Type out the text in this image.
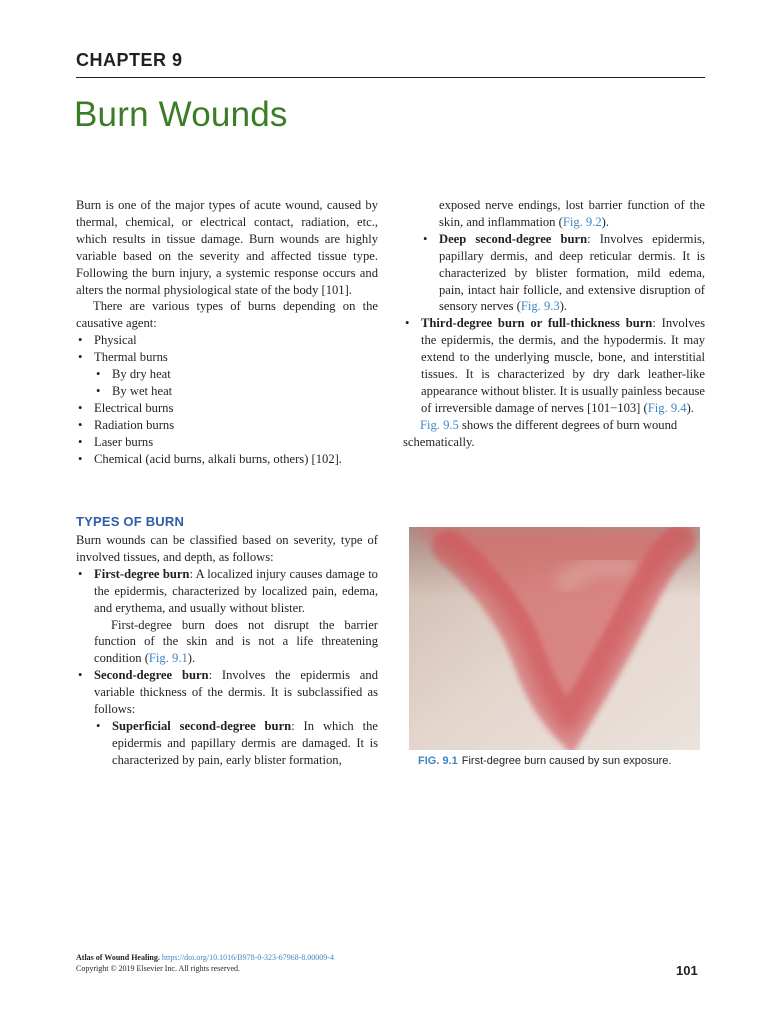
CHAPTER 9
Burn Wounds

Burn is one of the major types of acute wound, caused by thermal, chemical, or electrical contact, radiation, etc., which results in tissue damage. Burn wounds are highly variable based on the severity and affected tissue type. Following the burn injury, a systemic response occurs and alters the normal physiological state of the body [101].

There are various types of burns depending on the causative agent:

• Physical
• Thermal burns
• By dry heat
• By wet heat
• Electrical burns
• Radiation burns
• Laser burns
• Chemical (acid burns, alkali burns, others) [102].
TYPES OF BURN

Burn wounds can be classified based on severity, type of involved tissues, and depth, as follows:

• First-degree burn: A localized injury causes damage to the epidermis, characterized by localized pain, edema, and erythema, and usually without blister.

First-degree burn does not disrupt the barrier function of the skin and is not a life threatening condition (Fig. 9.1).

• Second-degree burn: Involves the epidermis and variable thickness of the dermis. It is subclassified as follows:
• Superficial second-degree burn: In which the epidermis and papillary dermis are damaged. It is characterized by pain, early blister formation,

exposed nerve endings, lost barrier function of the skin, and inflammation (Fig. 9.2).

• Deep second-degree burn: Involves epidermis, papillary dermis, and deep reticular dermis. It is characterized by blister formation, mild edema, pain, intact hair follicle, and extensive disruption of sensory nerves (Fig. 9.3).
• Third-degree burn or full-thickness burn: Involves the epidermis, the dermis, and the hypodermis. It may extend to the underlying muscle, bone, and interstitial tissues. It is characterized by dry dark leather-like appearance without blister. It is usually painless because of irreversible damage of nerves [101−103] (Fig. 9.4).

Fig. 9.5 shows the different degrees of burn wound schematically.

FIG. 9.1 First-degree burn caused by sun exposure.
Atlas of Wound Healing. https://doi.org/10.1016/B978-0-323-67968-8.00009-4
Copyright © 2019 Elsevier Inc. All rights reserved.	101
